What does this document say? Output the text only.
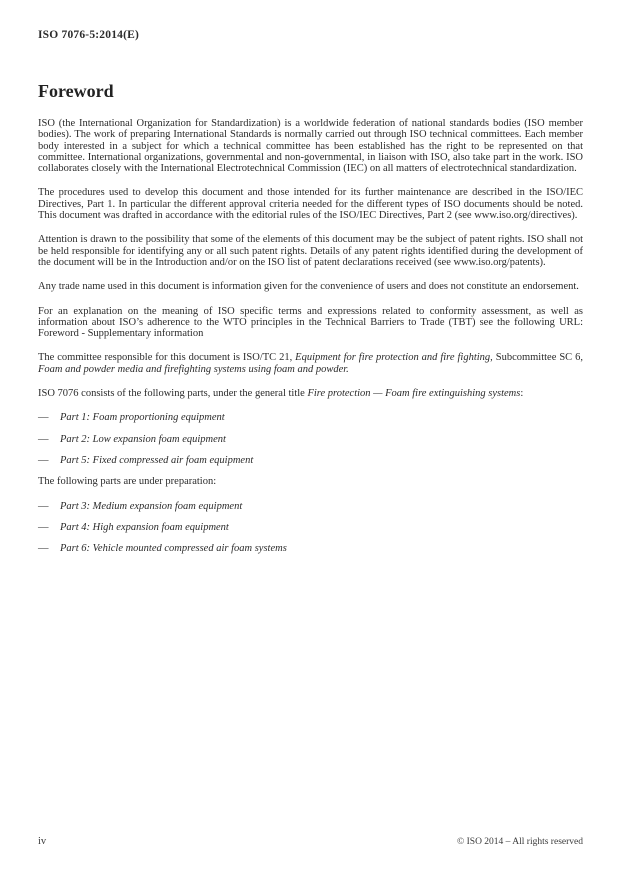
ISO 7076-5:2014(E)
Foreword

ISO (the International Organization for Standardization) is a worldwide federation of national standards bodies (ISO member bodies). The work of preparing International Standards is normally carried out through ISO technical committees. Each member body interested in a subject for which a technical committee has been established has the right to be represented on that committee. International organizations, governmental and non-governmental, in liaison with ISO, also take part in the work. ISO collaborates closely with the International Electrotechnical Commission (IEC) on all matters of electrotechnical standardization.

The procedures used to develop this document and those intended for its further maintenance are described in the ISO/IEC Directives, Part 1. In particular the different approval criteria needed for the different types of ISO documents should be noted. This document was drafted in accordance with the editorial rules of the ISO/IEC Directives, Part 2 (see www.iso.org/directives).

Attention is drawn to the possibility that some of the elements of this document may be the subject of patent rights. ISO shall not be held responsible for identifying any or all such patent rights. Details of any patent rights identified during the development of the document will be in the Introduction and/or on the ISO list of patent declarations received (see www.iso.org/patents).

Any trade name used in this document is information given for the convenience of users and does not constitute an endorsement.

For an explanation on the meaning of ISO specific terms and expressions related to conformity assessment, as well as information about ISO’s adherence to the WTO principles in the Technical Barriers to Trade (TBT) see the following URL: Foreword - Supplementary information

The committee responsible for this document is ISO/TC 21, Equipment for fire protection and fire fighting, Subcommittee SC 6, Foam and powder media and firefighting systems using foam and powder.

ISO 7076 consists of the following parts, under the general title Fire protection — Foam fire extinguishing systems:

—	Part 1: Foam proportioning equipment
—	Part 2: Low expansion foam equipment
—	Part 5: Fixed compressed air foam equipment

The following parts are under preparation:

—	Part 3: Medium expansion foam equipment
—	Part 4: High expansion foam equipment
—	Part 6: Vehicle mounted compressed air foam systems
iv	© ISO 2014 – All rights reserved
